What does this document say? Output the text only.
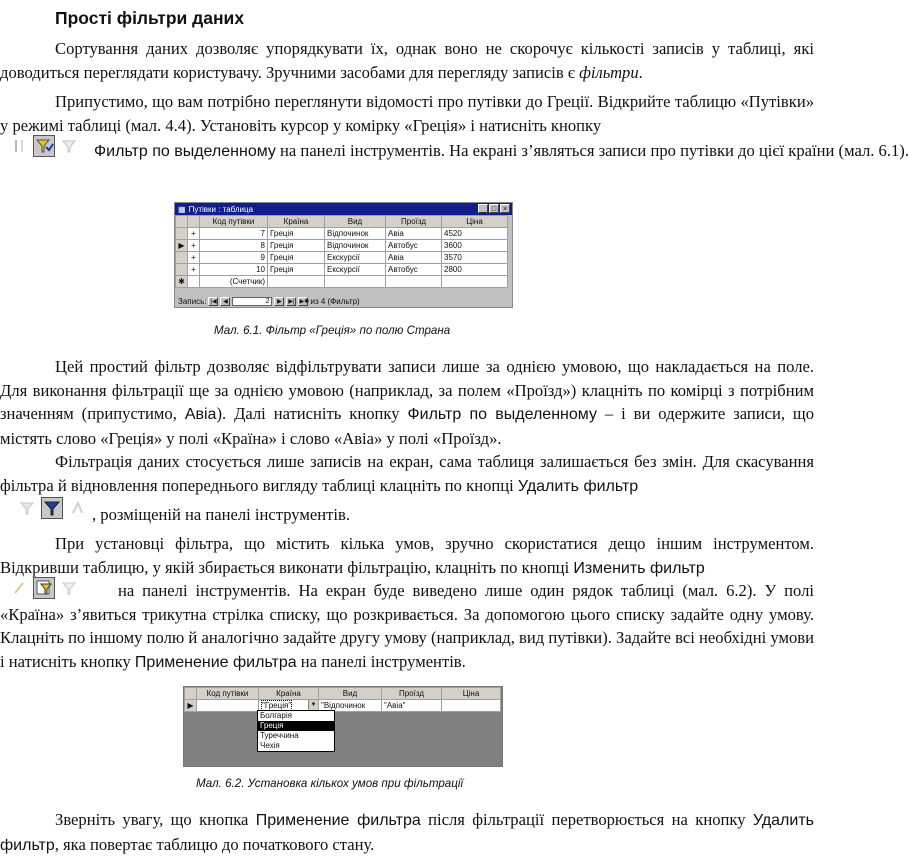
Прості фільтри даних

Сортування даних дозволяє упорядкувати їх, однак воно не скорочує кількості записів у таблиці, які доводиться переглядати користувачу. Зручними засобами для перегляду записів є фільтри.

Припустимо, що вам потрібно переглянути відомості про путівки до Греції. Відкрийте таблицю «Путівки» у режимі таблиці (мал. 4.4). Установіть курсор у комірку «Греція» і натисніть кнопку

Фильтр по выделенному на панелі інструментів. На екрані з’являться записи про путівки до цієї країни (мал. 6.1).
▦ Путівки : таблица	_ □ ×
		Код путівки	Країна	Вид	Проїзд	Ціна
	+	7	Греція	Відпочинок	Авіа	4520
▶	+	8	Греція	Відпочинок	Автобус	3600
	+	9	Греція	Екскурсії	Авіа	3570
	+	10	Греція	Екскурсії	Автобус	2800
✱		(Счетчик)				
Запись: |◀	◀	2	▶	▶| ▶✱ из 4 (Фильтр)
Мал. 6.1. Фільтр «Греція» по полю Страна

Цей простий фільтр дозволяє відфільтрувати записи лише за однією умовою, що накладається на поле. Для виконання фільтрації ще за однією умовою (наприклад, за полем «Проїзд») клацніть по комірці з потрібним значенням (припустимо, Авіа). Далі натисніть кнопку Фильтр по выделенному – і ви одержите записи, що містять слово «Греція» у полі «Країна» і слово «Авіа» у полі «Проїзд».

Фільтрація даних стосується лише записів на екран, сама таблиця залишається без змін. Для скасування фільтра й відновлення попереднього вигляду таблиці клацніть по кнопці Удалить фильтр

, розміщеній на панелі інструментів.

При установці фільтра, що містить кілька умов, зручно скористатися дещо іншим інструментом. Відкривши таблицю, у якій збирається виконати фільтрацію, клацніть по кнопці Изменить фильтр

на панелі інструментів. На екран буде виведено лише один рядок таблиці (мал. 6.2). У полі «Країна» з’явиться трикутна стрілка списку, що розкривається. За допомогою цього списку задайте одну умову. Клацніть по іншому полю й аналогічно задайте другу умову (наприклад, вид путівки). Задайте всі необхідні умови і натисніть кнопку Применение фильтра на панелі інструментів.

	Код путівки	Країна	Вид	Проїзд	Ціна
▶		"Греція" ▼	"Відпочинок	"Авіа"	
Болгарія
Греція
Туреччина
Чехія
Мал. 6.2. Установка кількох умов при фільтрації

Зверніть увагу, що кнопка Применение фильтра після фільтрації перетворюється на кнопку Удалить фильтр, яка повертає таблицю до початкового стану.
